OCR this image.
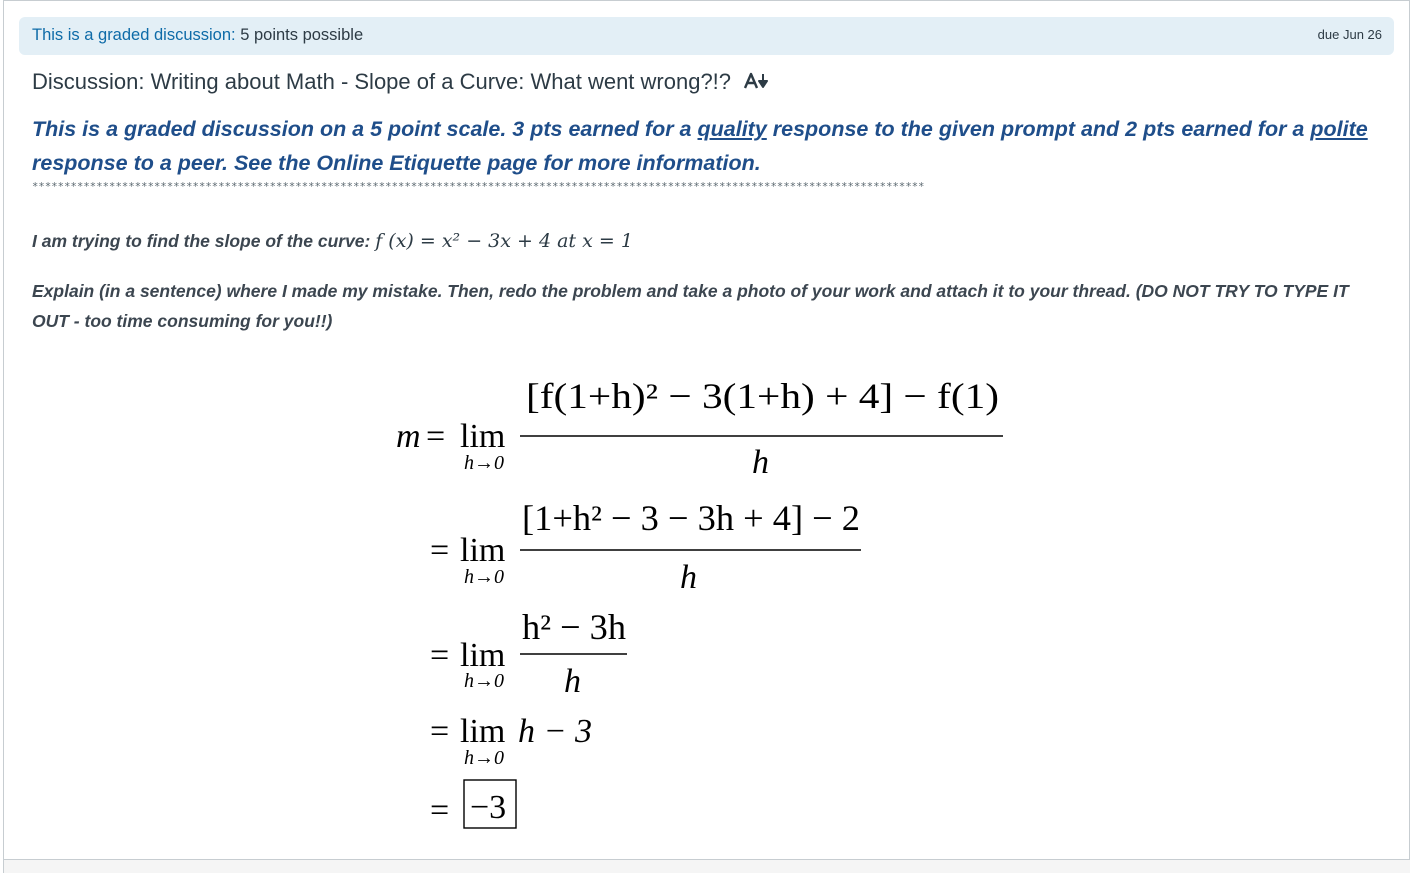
This is a graded discussion: 5 points possible	due Jun 26
Discussion: Writing about Math - Slope of a Curve: What went wrong?!?
This is a graded discussion on a 5 point scale. 3 pts earned for a quality response to the given prompt and 2 pts earned for a polite response to a peer. See the Online Etiquette page for more information.
*******************************************************************************************************************************************
I am trying to find the slope of the curve: f (x) = x² − 3x + 4 at x = 1
Explain (in a sentence) where I made my mistake. Then, redo the problem and take a photo of your work and attach it to your thread. (DO NOT TRY TO TYPE IT OUT - too time consuming for you!!)
m = lim
h→0
[f(1+h)² − 3(1+h) + 4] − f(1)
h
= lim
h→0
[1+h² − 3 − 3h + 4] − 2
h
= lim
h→0
h² − 3h
h
= lim
h→0
h − 3
= −3
